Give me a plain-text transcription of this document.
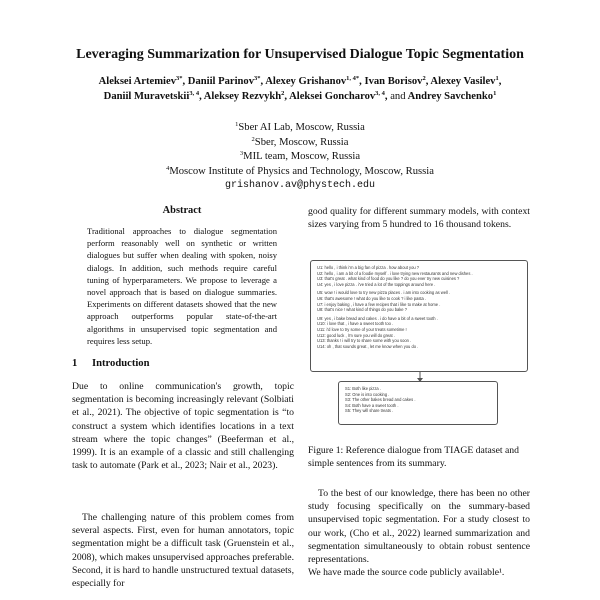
Leveraging Summarization for Unsupervised Dialogue Topic Segmentation
Aleksei Artemiev$^{3*}$, Daniil Parinov$^{3*}$, Alexey Grishanov$^{1, 4*}$, Ivan Borisov$^2$, Alexey Vasilev$^1$,
Daniil Muravetskii$^{3, 4}$, Aleksey Rezvykh$^2$, Aleksei Goncharov$^{3, 4}$, and Andrey Savchenko$^1$
$^1$Sber AI Lab, Moscow, Russia
$^2$Sber, Moscow, Russia
$^3$MIL team, Moscow, Russia
$^4$Moscow Institute of Physics and Technology, Moscow, Russia
grishanov.av@phystech.edu
Abstract
Traditional approaches to dialogue segmentation perform reasonably well on synthetic or written dialogues but suffer when dealing with spoken, noisy dialogs. In addition, such methods require careful tuning of hyperparameters. We propose to leverage a novel approach that is based on dialogue summaries. Experiments on different datasets showed that the new approach outperforms popular state-of-the-art algorithms in unsupervised topic segmentation and requires less setup.
1 Introduction
Due to online communication's growth, topic segmentation is becoming increasingly relevant (Solbiati et al., 2021). The objective of topic segmentation is “to construct a system which identifies locations in a text stream where the topic changes” (Beeferman et al., 1999). It is an example of a classic and still challenging task to automate (Park et al., 2023; Nair et al., 2023).
The challenging nature of this problem comes from several aspects. First, even for human annotators, topic segmentation might be a difficult task (Gruenstein et al., 2008), which makes unsupervised approaches preferable. Second, it is hard to handle unstructured textual datasets, especially for
good quality for different summary models, with context sizes varying from 5 hundred to 16 thousand tokens.
U1: hello , i think i'm a big fan of pizza . how about you ?
U2: hello , i am a bit of a foodie myself . i love trying new restaurants and new dishes .
U3: that's great . what kind of food do you like ? do you ever try new cuisines ?
U4: yes , i love pizza . i've tried a lot of the toppings around here .
U5: wow ! i would love to try new pizza places . i am into cooking as well .
U6: that's awesome ! what do you like to cook ? i like pasta .
U7: i enjoy baking , i have a few recipes that i like to make at home .
U8: that's nice ! what kind of things do you bake ?
U9: yes , i bake bread and cakes . i do have a bit of a sweet tooth .
U10: i love that , i have a sweet tooth too .
U11: i'd love to try some of your treats sometime !
U12: good luck , i'm sure you will do great .
U13: thanks ! i will try to share some with you soon .
U14: oh , that sounds great , let me know when you do .
S1: Both like pizza .
S2: One is into cooking .
S3: The other bakes bread and cakes .
S4: Both have a sweet tooth .
S5: They will share treats .
Figure 1: Reference dialogue from TIAGE dataset and simple sentences from its summary.
To the best of our knowledge, there has been no other study focusing specifically on the summary-based unsupervised topic segmentation. For a study closest to our work, (Cho et al., 2022) learned summarization and segmentation simultaneously to obtain robust sentence representations.
We have made the source code publicly available¹.
